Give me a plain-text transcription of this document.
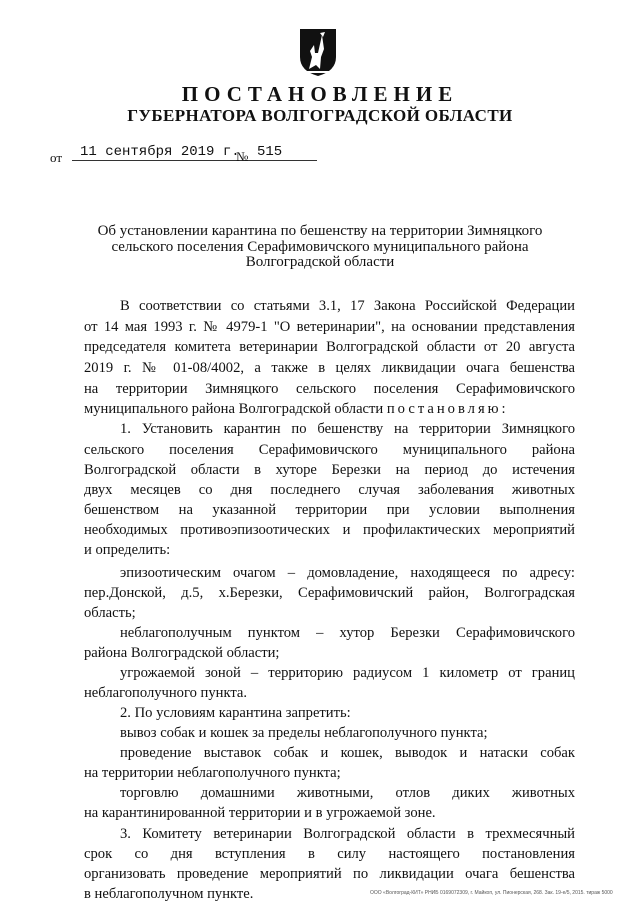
ПОСТАНОВЛЕНИЕ
ГУБЕРНАТОРА ВОЛГОГРАДСКОЙ ОБЛАСТИ
от	11 сентября 2019 г.
№ 515
Об установлении карантина по бешенству на территории Зимняцкого
сельского поселения Серафимовичского муниципального района
Волгоградской области
В соответствии со статьями 3.1, 17 Закона Российской Федерации
от 14 мая 1993 г. № 4979-1 "О ветеринарии", на основании представления
председателя комитета ветеринарии Волгоградской области от 20 августа
2019 г. № 01-08/4002, а также в целях ликвидации очага бешенства
на территории Зимняцкого сельского поселения Серафимовичского
муниципального района Волгоградской области постановляю:
1. Установить карантин по бешенству на территории Зимняцкого
сельского поселения Серафимовичского муниципального района
Волгоградской области в хуторе Березки на период до истечения
двух месяцев со дня последнего случая заболевания животных
бешенством на указанной территории при условии выполнения
необходимых противоэпизоотических и профилактических мероприятий
и определить:
эпизоотическим очагом – домовладение, находящееся по адресу:
пер.Донской, д.5, х.Березки, Серафимовичский район, Волгоградская
область;
неблагополучным пунктом – хутор Березки Серафимовичского
района Волгоградской области;
угрожаемой зоной – территорию радиусом 1 километр от границ
неблагополучного пункта.
2. По условиям карантина запретить:
вывоз собак и кошек за пределы неблагополучного пункта;
проведение выставок собак и кошек, выводок и натаски собак
на территории неблагополучного пункта;
торговлю домашними животными, отлов диких животных
на карантинированной территории и в угрожаемой зоне.
3. Комитету ветеринарии Волгоградской области в трехмесячный
срок со дня вступления в силу настоящего постановления
организовать проведение мероприятий по ликвидации очага бешенства
в неблагополучном пункте.	ООО «Волгоград-КИТ» РНИБ 0169072309, г. Майкоп, ул. Пионерская, 268. Зак. 19-е/5, 2015. тираж 5000
